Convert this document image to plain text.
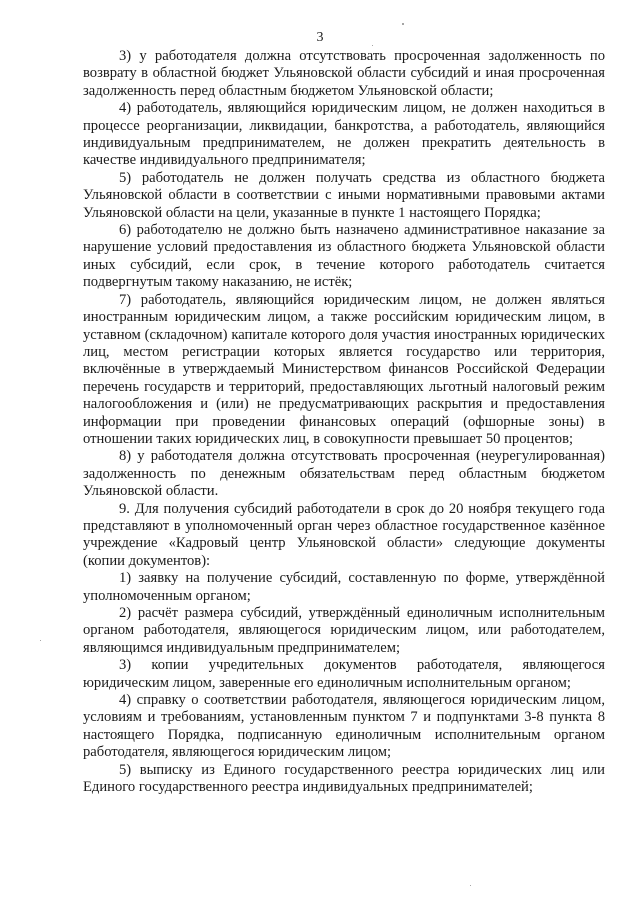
3

3) у работодателя должна отсутствовать просроченная задолженность по возврату в областной бюджет Ульяновской области субсидий и иная просроченная задолженность перед областным бюджетом Ульяновской области;

4) работодатель, являющийся юридическим лицом, не должен находиться в процессе реорганизации, ликвидации, банкротства, а работодатель, являющийся индивидуальным предпринимателем, не должен прекратить деятельность в качестве индивидуального предпринимателя;

5) работодатель не должен получать средства из областного бюджета Ульяновской области в соответствии с иными нормативными правовыми актами Ульяновской области на цели, указанные в пункте 1 настоящего Порядка;

6) работодателю не должно быть назначено административное наказание за нарушение условий предоставления из областного бюджета Ульяновской области иных субсидий, если срок, в течение которого работодатель считается подвергнутым такому наказанию, не истёк;

7) работодатель, являющийся юридическим лицом, не должен являться иностранным юридическим лицом, а также российским юридическим лицом, в уставном (складочном) капитале которого доля участия иностранных юридических лиц, местом регистрации которых является государство или территория, включённые в утверждаемый Министерством финансов Российской Федерации перечень государств и территорий, предоставляющих льготный налоговый режим налогообложения и (или) не предусматривающих раскрытия и предоставления информации при проведении финансовых операций (офшорные зоны) в отношении таких юридических лиц, в совокупности превышает 50 процентов;

8) у работодателя должна отсутствовать просроченная (неурегулированная) задолженность по денежным обязательствам перед областным бюджетом Ульяновской области.

9. Для получения субсидий работодатели в срок до 20 ноября текущего года представляют в уполномоченный орган через областное государственное казённое учреждение «Кадровый центр Ульяновской области» следующие документы (копии документов):

1) заявку на получение субсидий, составленную по форме, утверждённой уполномоченным органом;

2) расчёт размера субсидий, утверждённый единоличным исполнительным органом работодателя, являющегося юридическим лицом, или работодателем, являющимся индивидуальным предпринимателем;

3) копии учредительных документов работодателя, являющегося юридическим лицом, заверенные его единоличным исполнительным органом;

4) справку о соответствии работодателя, являющегося юридическим лицом, условиям и требованиям, установленным пунктом 7 и подпунктами 3-8 пункта 8 настоящего Порядка, подписанную единоличным исполнительным органом работодателя, являющегося юридическим лицом;

5) выписку из Единого государственного реестра юридических лиц или Единого государственного реестра индивидуальных предпринимателей;
